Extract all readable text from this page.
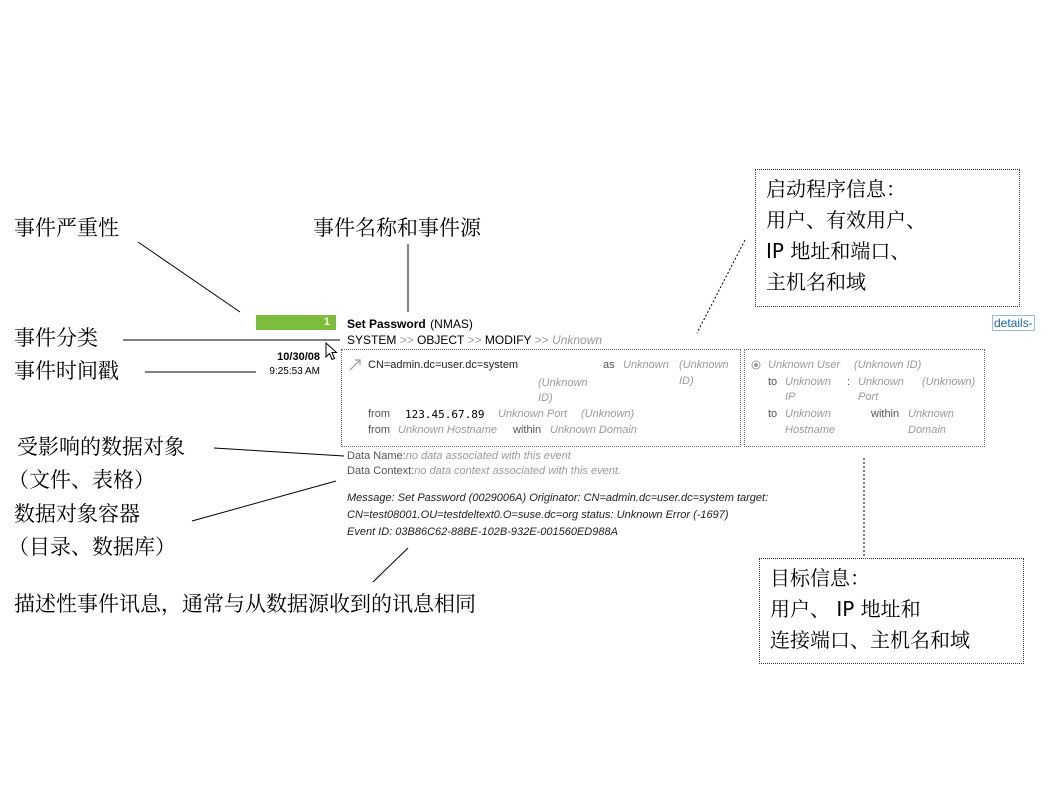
事件严重性	事件名称和事件源
事件分类
事件时间戳
受影响的数据对象
（文件、表格）
数据对象容器
（目录、数据库）
描述性事件讯息，通常与从数据源收到的讯息相同
启动程序信息：
用户、有效用户、
IP 地址和端口、
主机名和域
目标信息：
用户、 IP 地址和
连接端口、主机名和域
1 Set Password (NMAS)
SYSTEM >> OBJECT >> MODIFY >> Unknown
10/30/08
9:25:53 AM
details-
CN=admin.dc=user.dc=system
(Unknown
ID)
as Unknown (Unknown
ID)
from 123.45.67.89 Unknown Port (Unknown)
from Unknown Hostname within Unknown Domain
Unknown User (Unknown ID)
to Unknown
IP
: Unknown
Port
(Unknown)
to Unknown
Hostname
within Unknown
Domain
Data Name:no data associated with this event
Data Context:no data context associated with this event.
Message: Set Password (0029006A) Originator: CN=admin.dc=user.dc=system target:
CN=test08001.OU=testdeltext0.O=suse.dc=org status: Unknown Error (-1697)
Event ID: 03B86C62-88BE-102B-932E-001560ED988A
